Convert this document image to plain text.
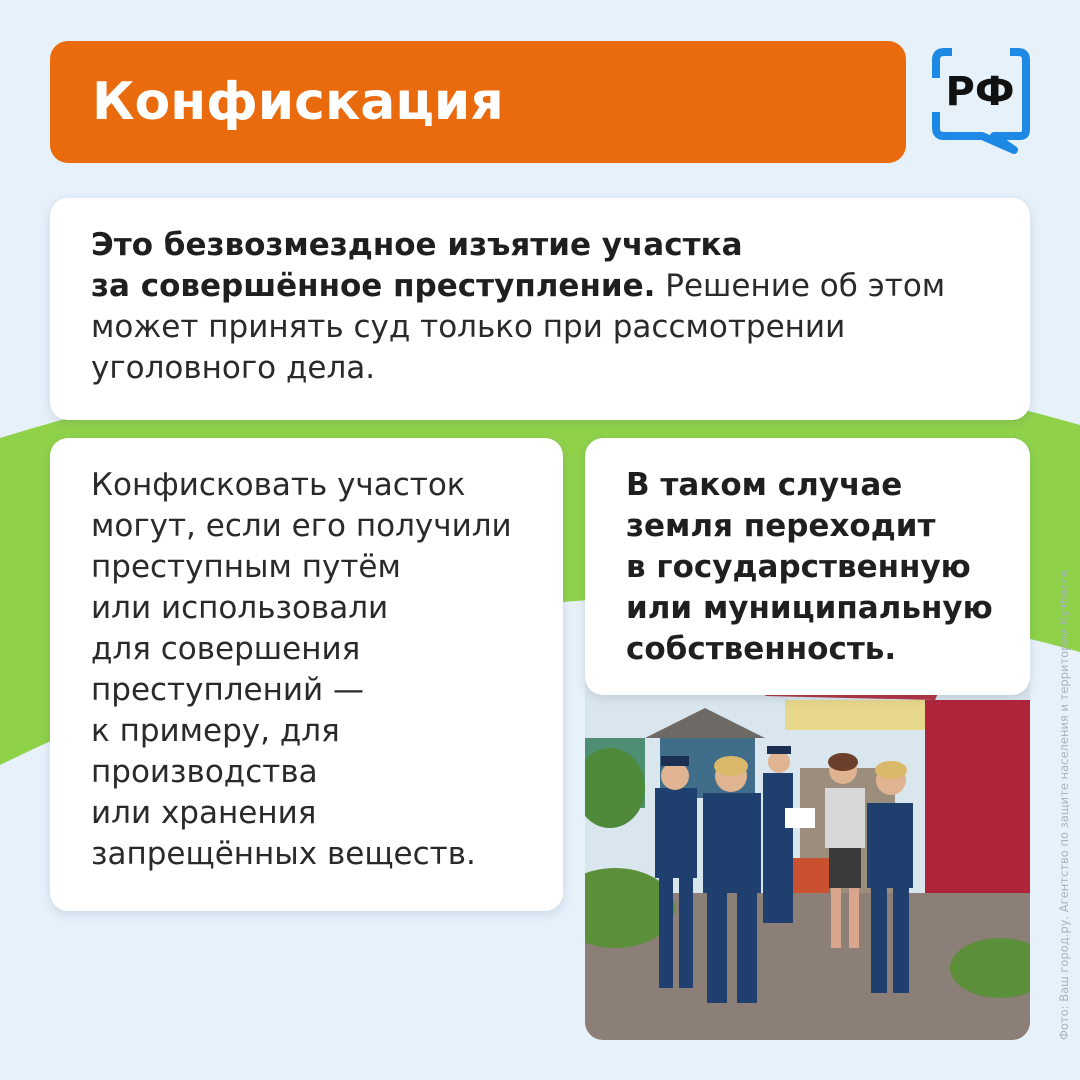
Конфискация	РФ
Это безвозмездное изъятие участка
за совершённое преступление. Решение об этом
может принять суд только при рассмотрении
уголовного дела.
Конфисковать участок
могут, если его получили
преступным путём
или использовали
для совершения
преступлений —
к примеру, для
производства
или хранения
запрещённых веществ.
В таком случае
земля переходит
в государственную
или муниципальную
собственность.	Фото: Ваш город.ру. Агентство по защите населения и территории Кузбасса
